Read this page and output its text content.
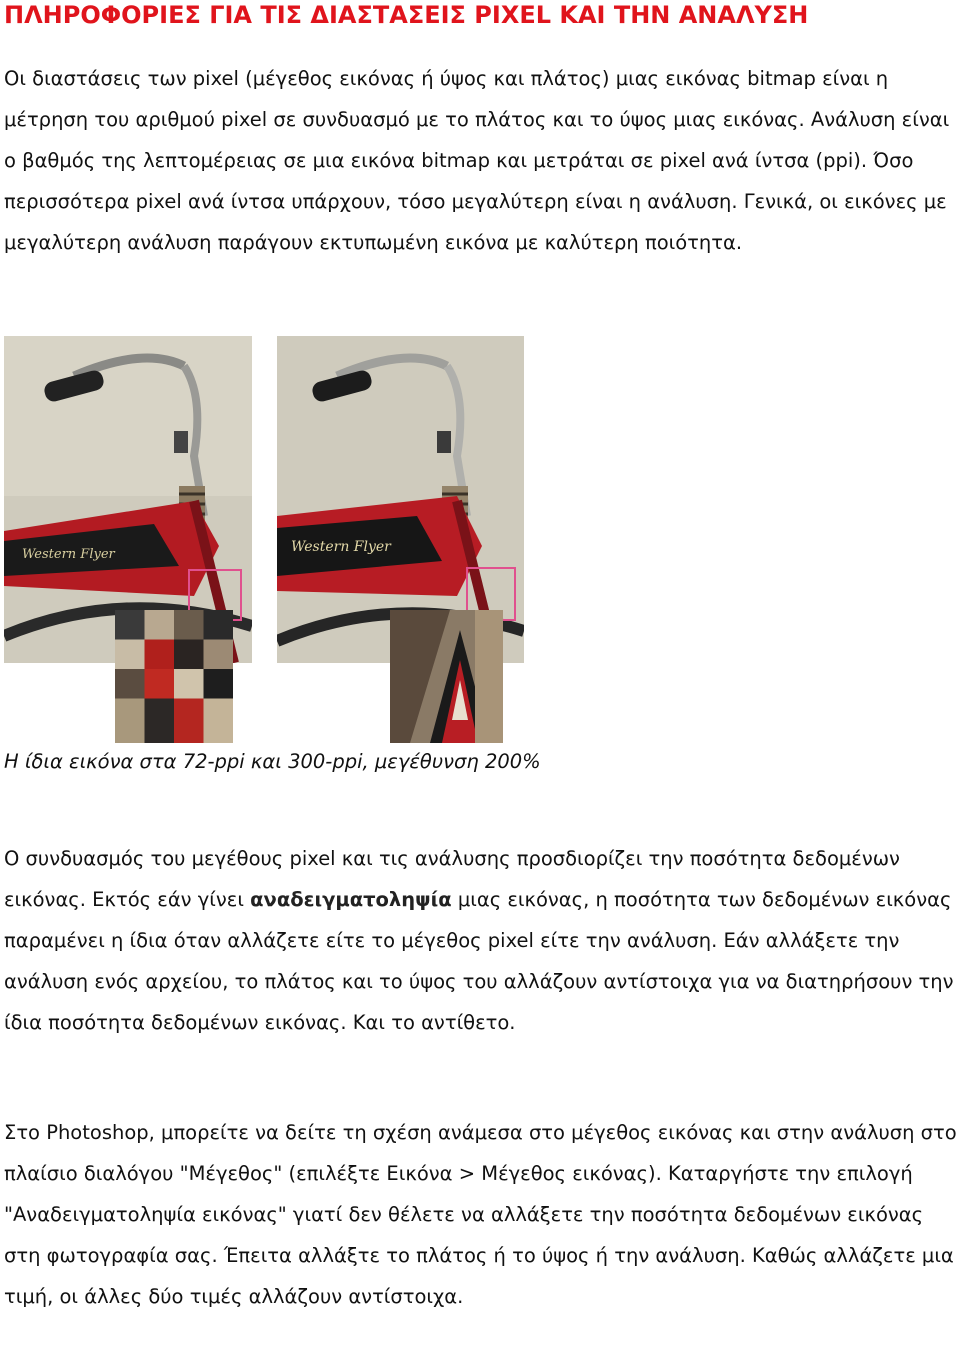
ΠΛΗΡΟΦΟΡΙΕΣ ΓΙΑ ΤΙΣ ΔΙΑΣΤΑΣΕΙΣ PIXEL ΚΑΙ ΤΗΝ ΑΝΑΛΥΣΗ

Οι διαστάσεις των pixel (μέγεθος εικόνας ή ύψος και πλάτος) μιας εικόνας bitmap είναι η μέτρηση του αριθμού pixel σε συνδυασμό με το πλάτος και το ύψος μιας εικόνας. Ανάλυση είναι ο βαθμός της λεπτομέρειας σε μια εικόνα bitmap και μετράται σε pixel ανά ίντσα (ppi). Όσο περισσότερα pixel ανά ίντσα υπάρχουν, τόσο μεγαλύτερη είναι η ανάλυση. Γενικά, οι εικόνες με μεγαλύτερη ανάλυση παράγουν εκτυπωμένη εικόνα με καλύτερη ποιότητα.

Western Flyer	Western Flyer

Η ίδια εικόνα στα 72-ppi και 300-ppi, μεγέθυνση 200%

Ο συνδυασμός του μεγέθους pixel και τις ανάλυσης προσδιορίζει την ποσότητα δεδομένων εικόνας. Εκτός εάν γίνει αναδειγματοληψία μιας εικόνας, η ποσότητα των δεδομένων εικόνας παραμένει η ίδια όταν αλλάζετε είτε το μέγεθος pixel είτε την ανάλυση. Εάν αλλάξετε την ανάλυση ενός αρχείου, το πλάτος και το ύψος του αλλάζουν αντίστοιχα για να διατηρήσουν την ίδια ποσότητα δεδομένων εικόνας. Και το αντίθετο.

Στο Photoshop, μπορείτε να δείτε τη σχέση ανάμεσα στο μέγεθος εικόνας και στην ανάλυση στο πλαίσιο διαλόγου "Μέγεθος" (επιλέξτε Εικόνα > Μέγεθος εικόνας). Καταργήστε την επιλογή "Αναδειγματοληψία εικόνας" γιατί δεν θέλετε να αλλάξετε την ποσότητα δεδομένων εικόνας στη φωτογραφία σας. Έπειτα αλλάξτε το πλάτος ή το ύψος ή την ανάλυση. Καθώς αλλάζετε μια τιμή, οι άλλες δύο τιμές αλλάζουν αντίστοιχα.
